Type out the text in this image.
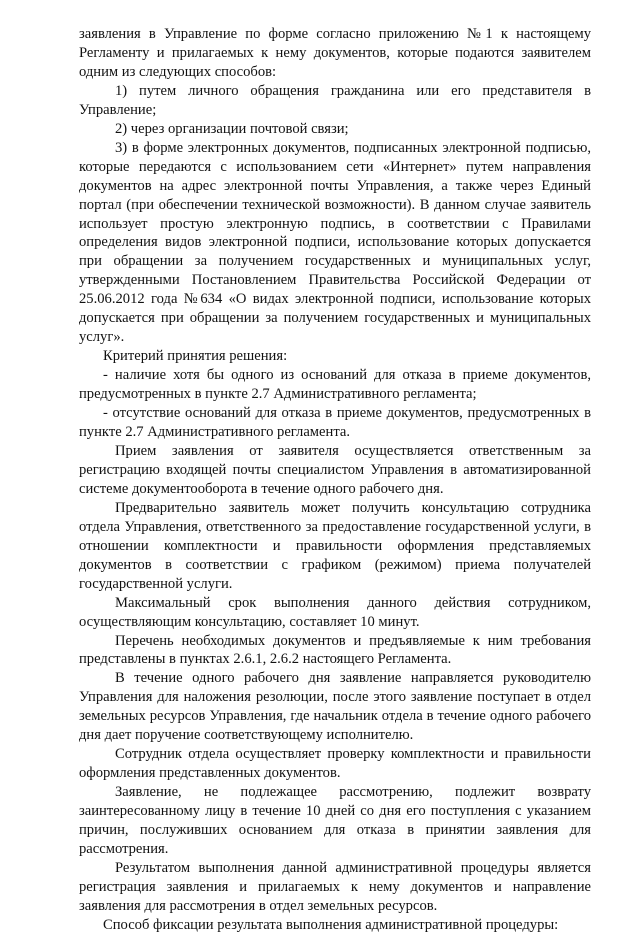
заявления в Управление по форме согласно приложению №1 к настоящему Регламенту и прилагаемых к нему документов, которые подаются заявителем одним из следующих способов:

1) путем личного обращения гражданина или его представителя в Управление;

2) через организации почтовой связи;

3) в форме электронных документов, подписанных электронной подписью, которые передаются с использованием сети «Интернет» путем направления документов на адрес электронной почты Управления, а также через Единый портал (при обеспечении технической возможности). В данном случае заявитель использует простую электронную подпись, в соответствии с Правилами определения видов электронной подписи, использование которых допускается при обращении за получением государственных и муниципальных услуг, утвержденными Постановлением Правительства Российской Федерации от 25.06.2012 года №634 «О видах электронной подписи, использование которых допускается при обращении за получением государственных и муниципальных услуг».

Критерий принятия решения:

- наличие хотя бы одного из оснований для отказа в приеме документов, предусмотренных в пункте 2.7 Административного регламента;

- отсутствие оснований для отказа в приеме документов, предусмотренных в пункте 2.7 Административного регламента.

Прием заявления от заявителя осуществляется ответственным за регистрацию входящей почты специалистом Управления в автоматизированной системе документооборота в течение одного рабочего дня.

Предварительно заявитель может получить консультацию сотрудника отдела Управления, ответственного за предоставление государственной услуги, в отношении комплектности и правильности оформления представляемых документов в соответствии с графиком (режимом) приема получателей государственной услуги.

Максимальный срок выполнения данного действия сотрудником, осуществляющим консультацию, составляет 10 минут.

Перечень необходимых документов и предъявляемые к ним требования представлены в пунктах 2.6.1, 2.6.2 настоящего Регламента.

В течение одного рабочего дня заявление направляется руководителю Управления для наложения резолюции, после этого заявление поступает в отдел земельных ресурсов Управления, где начальник отдела в течение одного рабочего дня дает поручение соответствующему исполнителю.

Сотрудник отдела осуществляет проверку комплектности и правильности оформления представленных документов.

Заявление, не подлежащее рассмотрению, подлежит возврату заинтересованному лицу в течение 10 дней со дня его поступления с указанием причин, послуживших основанием для отказа в принятии заявления для рассмотрения.

Результатом выполнения данной административной процедуры является регистрация заявления и прилагаемых к нему документов и направление заявления для рассмотрения в отдел земельных ресурсов.

Способ фиксации результата выполнения административной процедуры:
